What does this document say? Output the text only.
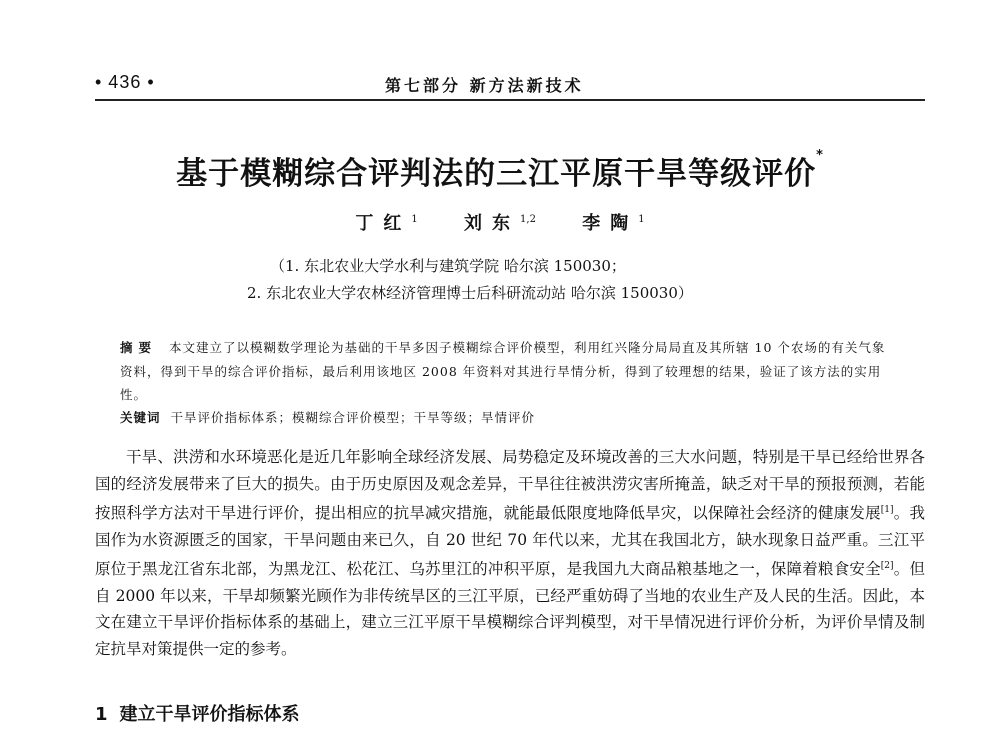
• 436 •	第七部分 新方法新技术
基于模糊综合评判法的三江平原干旱等级评价*
丁红$^1$	刘东$^{1,2}$	李陶$^1$
（1. 东北农业大学水利与建筑学院 哈尔滨 150030；
2. 东北农业大学农林经济管理博士后科研流动站 哈尔滨 150030）
摘要 本文建立了以模糊数学理论为基础的干旱多因子模糊综合评价模型，利用红兴隆分局局直及其所辖 10 个农场的有关气象资料，得到干旱的综合评价指标，最后利用该地区 2008 年资料对其进行旱情分析，得到了较理想的结果，验证了该方法的实用性。
关键词 干旱评价指标体系；模糊综合评价模型；干旱等级；旱情评价
干旱、洪涝和水环境恶化是近几年影响全球经济发展、局势稳定及环境改善的三大水问题，特别是干旱已经给世界各国的经济发展带来了巨大的损失。由于历史原因及观念差异，干旱往往被洪涝灾害所掩盖，缺乏对干旱的预报预测，若能按照科学方法对干旱进行评价，提出相应的抗旱减灾措施，就能最低限度地降低旱灾，以保障社会经济的健康发展[1]。我国作为水资源匮乏的国家，干旱问题由来已久，自 20 世纪 70 年代以来，尤其在我国北方，缺水现象日益严重。三江平原位于黑龙江省东北部，为黑龙江、松花江、乌苏里江的冲积平原，是我国九大商品粮基地之一，保障着粮食安全[2]。但自 2000 年以来，干旱却频繁光顾作为非传统旱区的三江平原，已经严重妨碍了当地的农业生产及人民的生活。因此，本文在建立干旱评价指标体系的基础上，建立三江平原干旱模糊综合评判模型，对干旱情况进行评价分析，为评价旱情及制定抗旱对策提供一定的参考。
1 建立干旱评价指标体系
